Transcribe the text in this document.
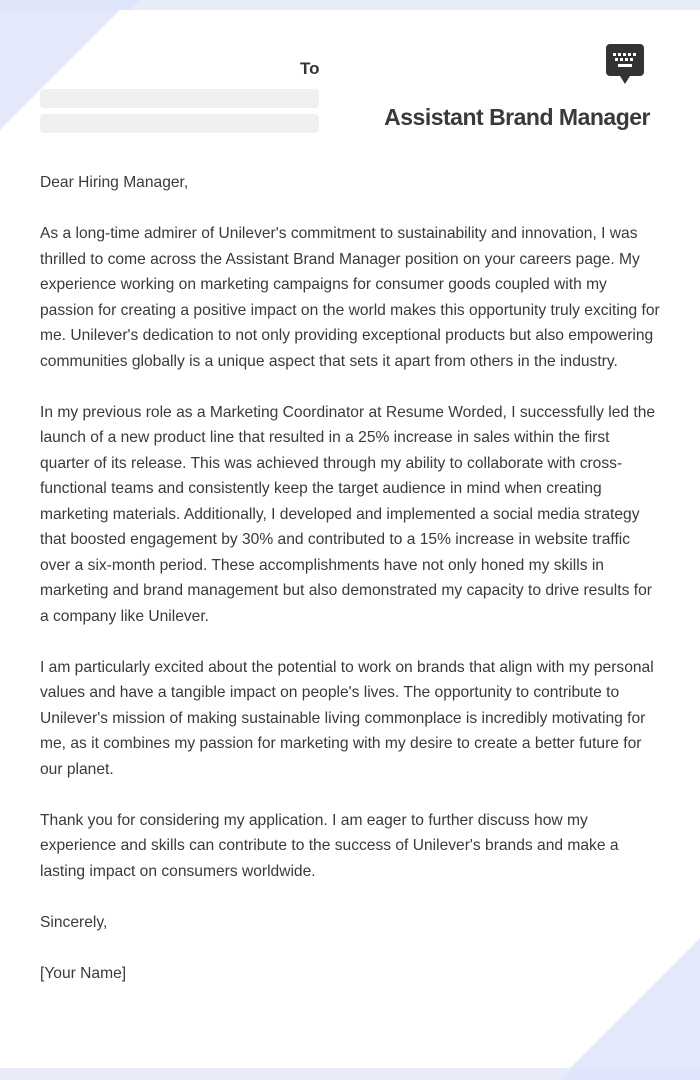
To
Assistant Brand Manager

Dear Hiring Manager,

As a long-time admirer of Unilever's commitment to sustainability and innovation, I was thrilled to come across the Assistant Brand Manager position on your careers page. My experience working on marketing campaigns for consumer goods coupled with my passion for creating a positive impact on the world makes this opportunity truly exciting for me. Unilever's dedication to not only providing exceptional products but also empowering communities globally is a unique aspect that sets it apart from others in the industry.

In my previous role as a Marketing Coordinator at Resume Worded, I successfully led the launch of a new product line that resulted in a 25% increase in sales within the first quarter of its release. This was achieved through my ability to collaborate with cross-functional teams and consistently keep the target audience in mind when creating marketing materials. Additionally, I developed and implemented a social media strategy that boosted engagement by 30% and contributed to a 15% increase in website traffic over a six-month period. These accomplishments have not only honed my skills in marketing and brand management but also demonstrated my capacity to drive results for a company like Unilever.

I am particularly excited about the potential to work on brands that align with my personal values and have a tangible impact on people's lives. The opportunity to contribute to Unilever's mission of making sustainable living commonplace is incredibly motivating for me, as it combines my passion for marketing with my desire to create a better future for our planet.

Thank you for considering my application. I am eager to further discuss how my experience and skills can contribute to the success of Unilever's brands and make a lasting impact on consumers worldwide.

Sincerely,

[Your Name]
